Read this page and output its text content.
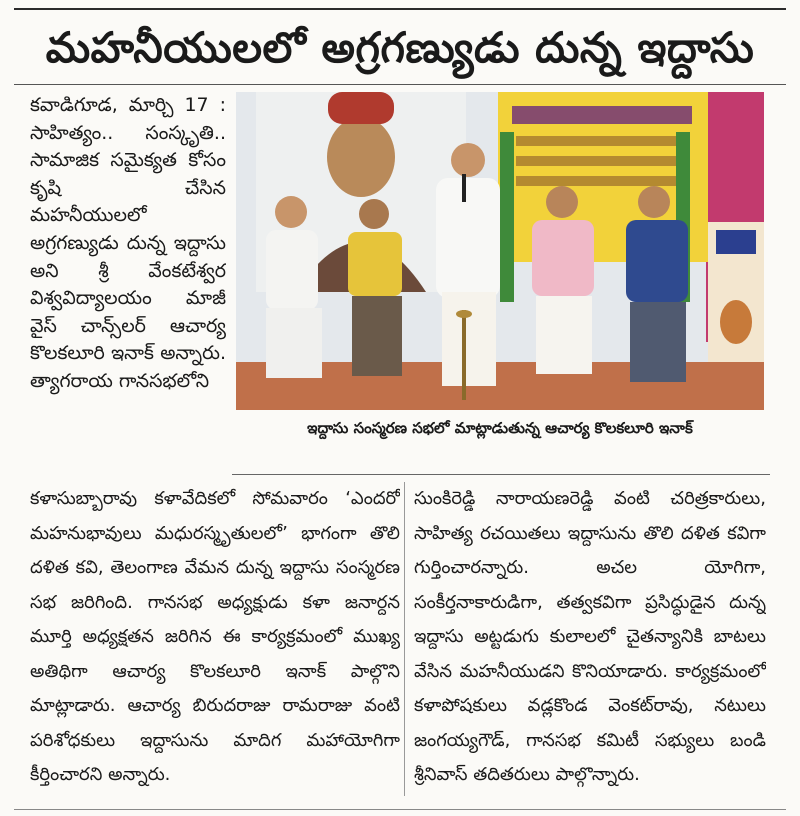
మహనీయులలో అగ్రగణ్యుడు దున్న ఇద్దాసు
కవాడిగూడ, మార్చి 17 : సాహిత్యం.. సంస్కృతి.. సామాజిక సమైక్యత కోసం కృషి చేసిన మహనీయులలో అగ్రగణ్యుడు దున్న ఇద్దాసు అని శ్రీ వేంకటేశ్వర విశ్వవిద్యాలయం మాజీ వైస్ చాన్స్‌లర్ ఆచార్య కొలకలూరి ఇనాక్ అన్నారు. త్యాగరాయ గానసభలోని
ఇద్దాసు సంస్మరణ సభలో మాట్లాడుతున్న ఆచార్య కొలకలూరి ఇనాక్
కళాసుబ్బారావు కళావేదికలో సోమవారం ‘ఎందరో మహనుభావులు మధురస్మృతులలో’ భాగంగా తొలి దళిత కవి, తెలంగాణ వేమన దున్న ఇద్దాసు సంస్మరణ సభ జరిగింది. గానసభ అధ్యక్షుడు కళా జనార్దన మూర్తి అధ్యక్షతన జరిగిన ఈ కార్యక్రమంలో ముఖ్య అతిథిగా ఆచార్య కొలకలూరి ఇనాక్ పాల్గొని మాట్లాడారు. ఆచార్య బిరుదరాజు రామరాజు వంటి పరిశోధకులు ఇద్దాసును మాదిగ మహాయోగిగా కీర్తించారని అన్నారు.
సుంకిరెడ్డి నారాయణరెడ్డి వంటి చరిత్రకారులు, సాహిత్య రచయితలు ఇద్దాసును తొలి దళిత కవిగా గుర్తించారన్నారు. అచల యోగిగా, సంకీర్తనాకారుడిగా, తత్వకవిగా ప్రసిద్ధుడైన దున్న ఇద్దాసు అట్టడుగు కులాలలో చైతన్యానికి బాటలు వేసిన మహనీయుడని కొనియాడారు. కార్యక్రమంలో కళాపోషకులు వడ్లకొండ వెంకట్‌రావు, నటులు జంగయ్యగౌడ్, గానసభ కమిటీ సభ్యులు బండి శ్రీనివాస్ తదితరులు పాల్గొన్నారు.
